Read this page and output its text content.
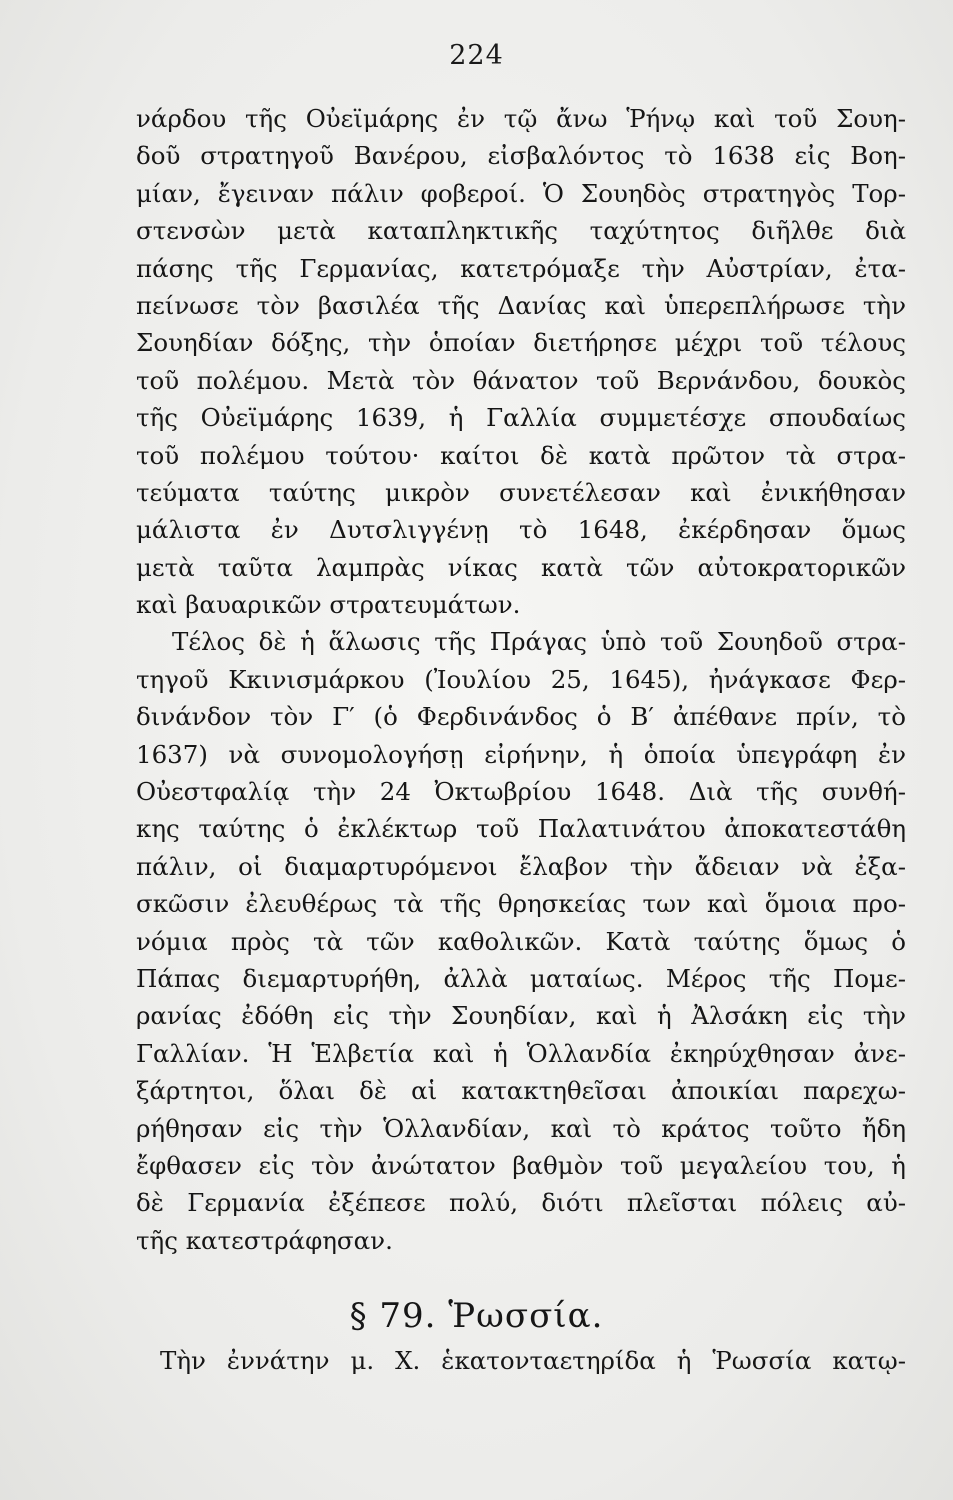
224
νάρδου τῆς Οὐεϊμάρης ἐν τῷ ἄνω Ῥήνῳ καὶ τοῦ Σουη-
δοῦ στρατηγοῦ Βανέρου, εἰσβαλόντος τὸ 1638 εἰς Βοη-
μίαν, ἔγειναν πάλιν φοβεροί. Ὁ Σουηδὸς στρατηγὸς Τορ-
στενσὼν μετὰ καταπληκτικῆς ταχύτητος διῆλθε διὰ
πάσης τῆς Γερμανίας, κατετρόμαξε τὴν Αὐστρίαν, ἐτα-
πείνωσε τὸν βασιλέα τῆς Δανίας καὶ ὑπερεπλήρωσε τὴν
Σουηδίαν δόξης, τὴν ὁποίαν διετήρησε μέχρι τοῦ τέλους
τοῦ πολέμου. Μετὰ τὸν θάνατον τοῦ Βερνάνδου, δουκὸς
τῆς Οὐεϊμάρης 1639, ἡ Γαλλία συμμετέσχε σπουδαίως
τοῦ πολέμου τούτου· καίτοι δὲ κατὰ πρῶτον τὰ στρα-
τεύματα ταύτης μικρὸν συνετέλεσαν καὶ ἐνικήθησαν
μάλιστα ἐν Δυτσλιγγένῃ τὸ 1648, ἐκέρδησαν ὅμως
μετὰ ταῦτα λαμπρὰς νίκας κατὰ τῶν αὐτοκρατορικῶν
καὶ βαυαρικῶν στρατευμάτων.
Τέλος δὲ ἡ ἅλωσις τῆς Πράγας ὑπὸ τοῦ Σουηδοῦ στρα-
τηγοῦ Κκινισμάρκου (Ἰουλίου 25, 1645), ἠνάγκασε Φερ-
δινάνδον τὸν Γ′ (ὁ Φερδινάνδος ὁ Β′ ἀπέθανε πρίν, τὸ
1637) νὰ συνομολογήσῃ εἰρήνην, ἡ ὁποία ὑπεγράφη ἐν
Οὐεστφαλίᾳ τὴν 24 Ὀκτωβρίου 1648. Διὰ τῆς συνθή-
κης ταύτης ὁ ἐκλέκτωρ τοῦ Παλατινάτου ἀποκατεστάθη
πάλιν, οἱ διαμαρτυρόμενοι ἔλαβον τὴν ἄδειαν νὰ ἐξα-
σκῶσιν ἐλευθέρως τὰ τῆς θρησκείας των καὶ ὅμοια προ-
νόμια πρὸς τὰ τῶν καθολικῶν. Κατὰ ταύτης ὅμως ὁ
Πάπας διεμαρτυρήθη, ἀλλὰ ματαίως. Μέρος τῆς Πομε-
ρανίας ἐδόθη εἰς τὴν Σουηδίαν, καὶ ἡ Ἀλσάκη εἰς τὴν
Γαλλίαν. Ἡ Ἑλβετία καὶ ἡ Ὁλλανδία ἐκηρύχθησαν ἀνε-
ξάρτητοι, ὅλαι δὲ αἱ κατακτηθεῖσαι ἀποικίαι παρεχω-
ρήθησαν εἰς τὴν Ὁλλανδίαν, καὶ τὸ κράτος τοῦτο ἤδη
ἔφθασεν εἰς τὸν ἀνώτατον βαθμὸν τοῦ μεγαλείου του, ἡ
δὲ Γερμανία ἐξέπεσε πολύ, διότι πλεῖσται πόλεις αὐ-
τῆς κατεστράφησαν.
§ 79. Ῥωσσία.
Τὴν ἐννάτην μ. Χ. ἑκατονταετηρίδα ἡ Ῥωσσία κατῳ-
